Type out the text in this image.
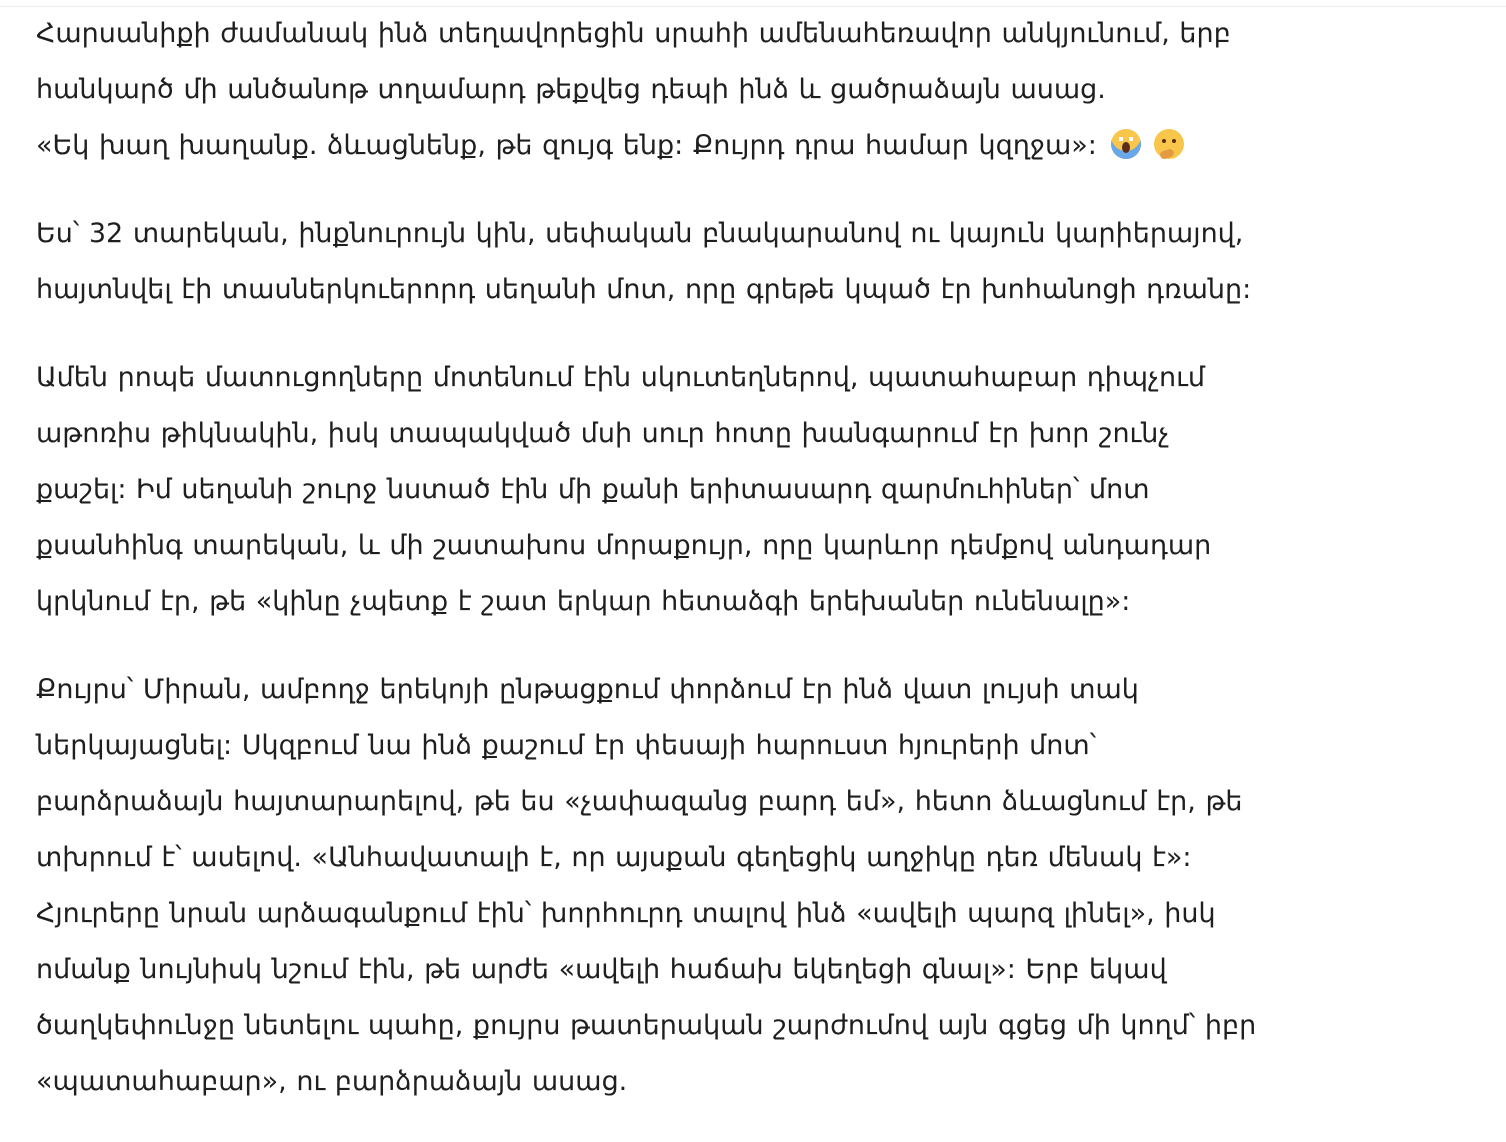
Հարսանիքի ժամանակ ինձ տեղավորեցին սրահի ամենահեռավոր անկյունում, երբ
հանկարծ մի անծանոթ տղամարդ թեքվեց դեպի ինձ և ցածրաձայն ասաց.
«Եկ խաղ խաղանք. ձևացնենք, թե զույգ ենք: Քույրդ դրա համար կզղջա»:

Ես՝ 32 տարեկան, ինքնուրույն կին, սեփական բնակարանով ու կայուն կարիերայով,
հայտնվել էի տասներկուերորդ սեղանի մոտ, որը գրեթե կպած էր խոհանոցի դռանը:

Ամեն րոպե մատուցողները մոտենում էին սկուտեղներով, պատահաբար դիպչում
աթոռիս թիկնակին, իսկ տապակված մսի սուր հոտը խանգարում էր խոր շունչ
քաշել: Իմ սեղանի շուրջ նստած էին մի քանի երիտասարդ զարմուհիներ՝ մոտ
քսանհինգ տարեկան, և մի շատախոս մորաքույր, որը կարևոր դեմքով անդադար
կրկնում էր, թե «կինը չպետք է շատ երկար հետաձգի երեխաներ ունենալը»:

Քույրս՝ Միրան, ամբողջ երեկոյի ընթացքում փորձում էր ինձ վատ լույսի տակ
ներկայացնել: Սկզբում նա ինձ քաշում էր փեսայի հարուստ հյուրերի մոտ՝
բարձրաձայն հայտարարելով, թե ես «չափազանց բարդ եմ», հետո ձևացնում էր, թե
տխրում է՝ ասելով. «Անհավատալի է, որ այսքան գեղեցիկ աղջիկը դեռ մենակ է»:
Հյուրերը նրան արձագանքում էին՝ խորհուրդ տալով ինձ «ավելի պարզ լինել», իսկ
ոմանք նույնիսկ նշում էին, թե արժե «ավելի հաճախ եկեղեցի գնալ»: Երբ եկավ
ծաղկեփունջը նետելու պահը, քույրս թատերական շարժումով այն գցեց մի կողմ՝ իբր
«պատահաբար», ու բարձրաձայն ասաց.
